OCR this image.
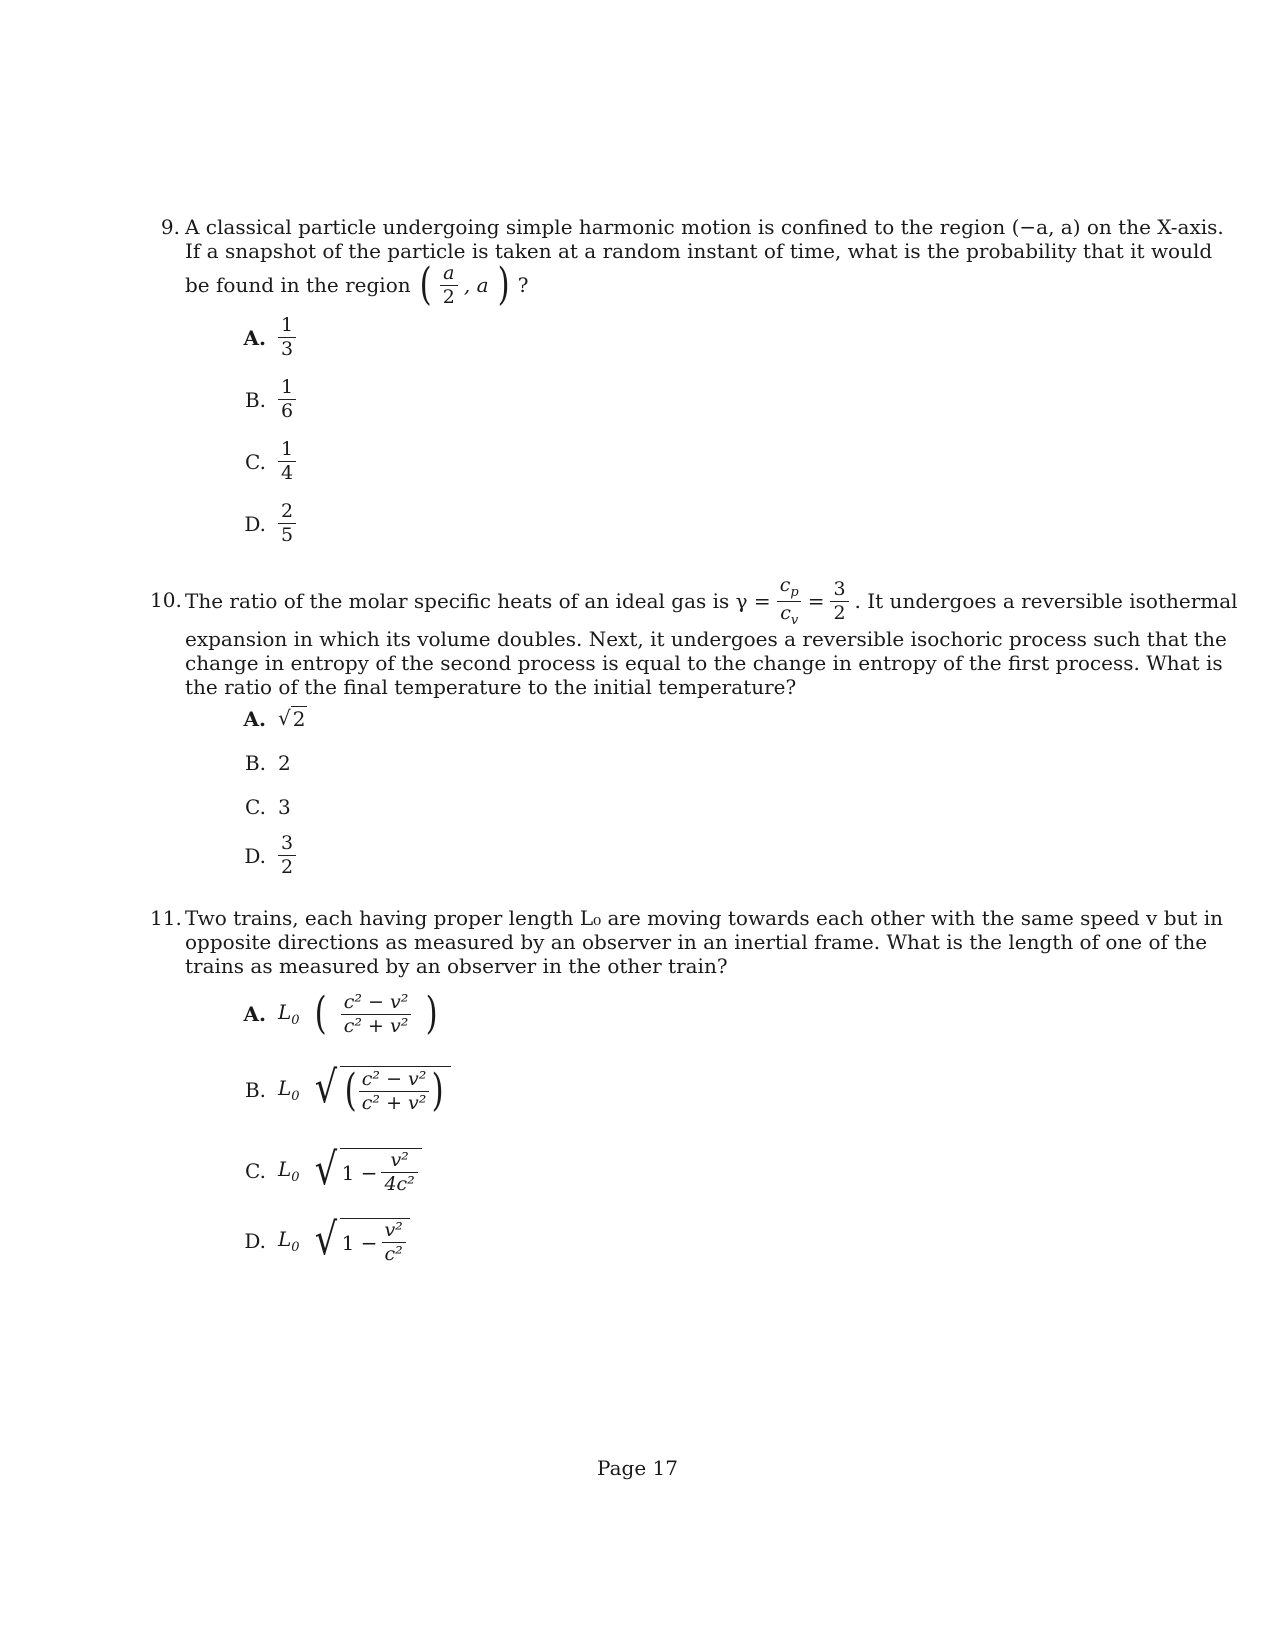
9. A classical particle undergoing simple harmonic motion is confined to the region (−a, a) on the X-axis.
If a snapshot of the particle is taken at a random instant of time, what is the probability that it would
be found in the region ( $\frac{a}{2}$ , a ) ?
A. $\frac{1}{3}$
B. $\frac{1}{6}$
C. $\frac{1}{4}$
D. $\frac{2}{5}$
10. The ratio of the molar specific heats of an ideal gas is $\gamma = \frac{c_p}{c_v} = \frac{3}{2}$ . It undergoes a reversible isothermal
expansion in which its volume doubles. Next, it undergoes a reversible isochoric process such that the
change in entropy of the second process is equal to the change in entropy of the first process. What is
the ratio of the final temperature to the initial temperature?
A. √ 2
B. 2
C. 3
D. $\frac{3}{2}$
11. Two trains, each having proper length L₀ are moving towards each other with the same speed v but in
opposite directions as measured by an observer in an inertial frame. What is the length of one of the
trains as measured by an observer in the other train?
A. $L_0$ ( $\frac{\text{c² − v²}}{\text{c² + v²}}$ )
B. $L_0$ √ ( $\frac{\text{c² − v²}}{\text{c² + v²}}$ )
C. $L_0$ √ $1 - \frac{\text{v²}}{\text{4c²}}$
D. $L_0$ √ $1 - \frac{\text{v²}}{\text{c²}}$
Page 17
